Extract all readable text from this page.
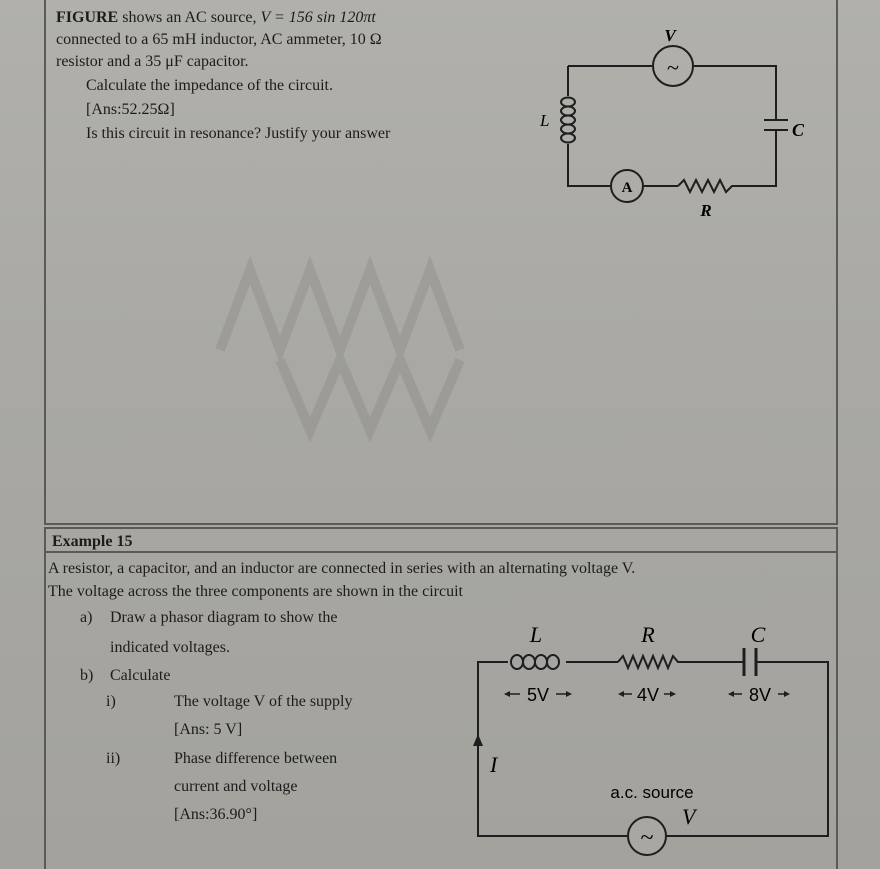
FIGURE shows an AC source, V = 156 sin 120πt
connected to a 65 mH inductor, AC ammeter, 10 Ω
resistor and a 35 μF capacitor.
Calculate the impedance of the circuit.
[Ans:52.25Ω]
Is this circuit in resonance? Justify your answer
~
V
L	C
R
A
Example 15
A resistor, a capacitor, and an inductor are connected in series with an alternating voltage V.
The voltage across the three components are shown in the circuit
a) Draw a phasor diagram to show the
indicated voltages.
b) Calculate
i)	The voltage V of the supply
[Ans: 5 V]
ii)	Phase difference between
current and voltage
[Ans:36.90°]
L	R	C
5V	4V	8V
I
a.c. source
V
~
